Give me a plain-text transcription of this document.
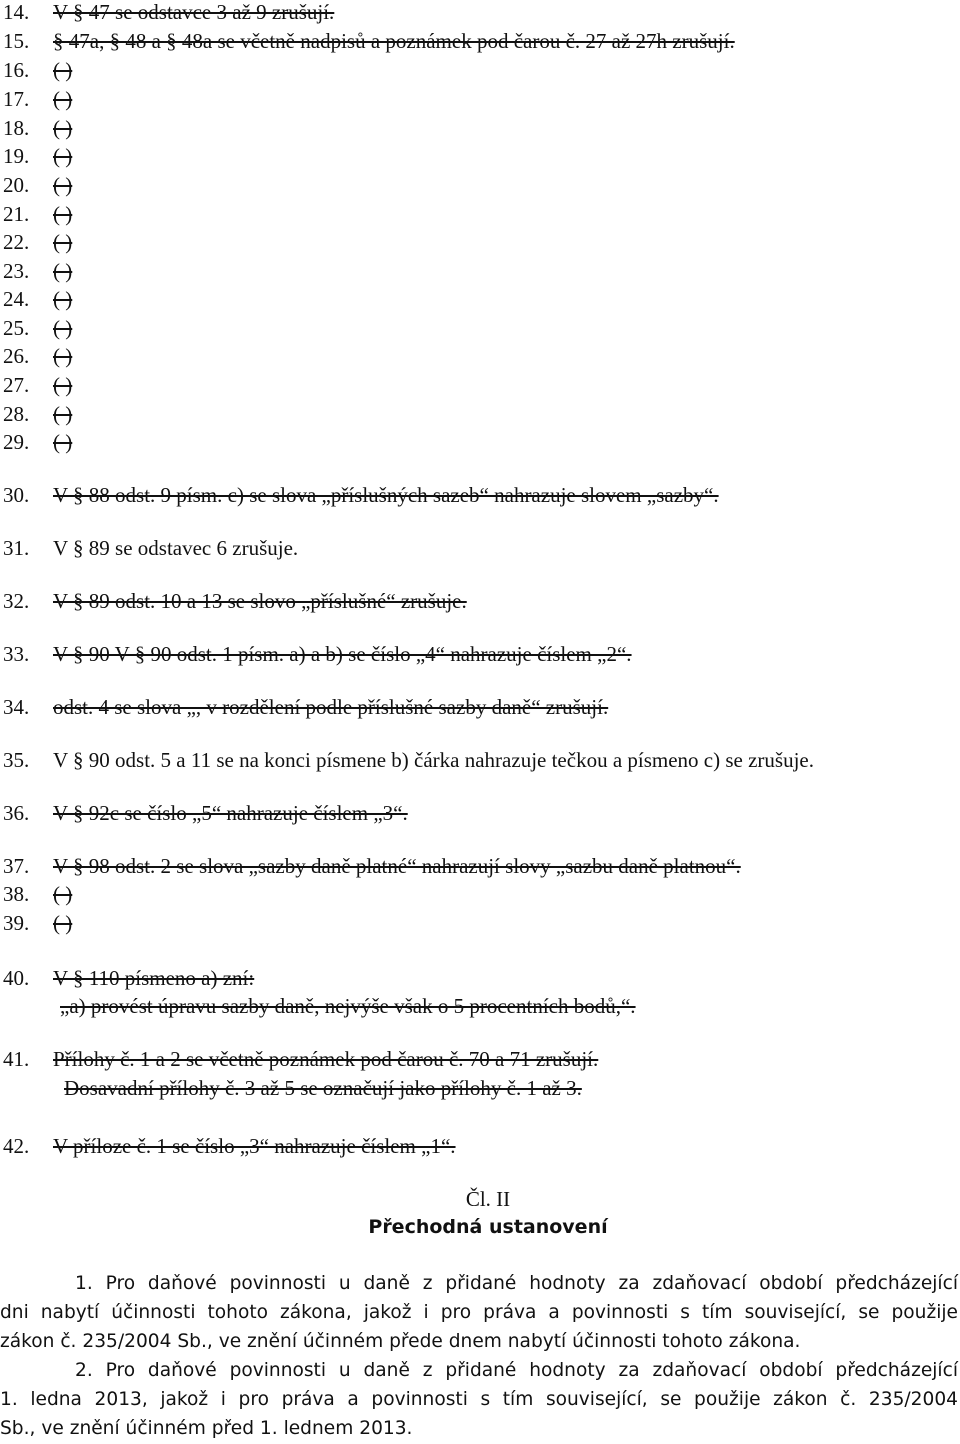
14.	V § 47 se odstavce 3 až 9 zrušují.
15.	§ 47a, § 48 a § 48a se včetně nadpisů a poznámek pod čarou č. 27 až 27h zrušují.
16.	( )
17.	( )
18.	( )
19.	( )
20.	( )
21.	( )
22.	( )
23.	( )
24.	( )
25.	( )
26.	( )
27.	( )
28.	( )
29.	( )
30.	V § 88 odst. 9 písm. c) se slova „příslušných sazeb“ nahrazuje slovem „sazby“.
31.	V § 89 se odstavec 6 zrušuje.
32.	V § 89 odst. 10 a 13 se slovo „příslušné“ zrušuje.
33.	V § 90 V § 90 odst. 1 písm. a) a b) se číslo „4“ nahrazuje číslem „2“.
34.	odst. 4 se slova „, v rozdělení podle příslušné sazby daně“ zrušují.
35.	V § 90 odst. 5 a 11 se na konci písmene b) čárka nahrazuje tečkou a písmeno c) se zrušuje.
36.	V § 92c se číslo „5“ nahrazuje číslem „3“.
37.	V § 98 odst. 2 se slova „sazby daně platné“ nahrazují slovy „sazbu daně platnou“.
38.	( )
39.	( )
40.	V § 110 písmeno a) zní:
„a) provést úpravu sazby daně, nejvýše však o 5 procentních bodů,“.
41.	Přílohy č. 1 a 2 se včetně poznámek pod čarou č. 70 a 71 zrušují.
Dosavadní přílohy č. 3 až 5 se označují jako přílohy č. 1 až 3.
42.	V příloze č. 1 se číslo „3“ nahrazuje číslem „1“.
Čl. II
Přechodná ustanovení
1. Pro daňové povinnosti u daně z přidané hodnoty za zdaňovací období předcházející
dni nabytí účinnosti tohoto zákona, jakož i pro práva a povinnosti s tím související, se použije
zákon č. 235/2004 Sb., ve znění účinném přede dnem nabytí účinnosti tohoto zákona.
2. Pro daňové povinnosti u daně z přidané hodnoty za zdaňovací období předcházející
1. ledna 2013, jakož i pro práva a povinnosti s tím související, se použije zákon č. 235/2004
Sb., ve znění účinném před 1. lednem 2013.
